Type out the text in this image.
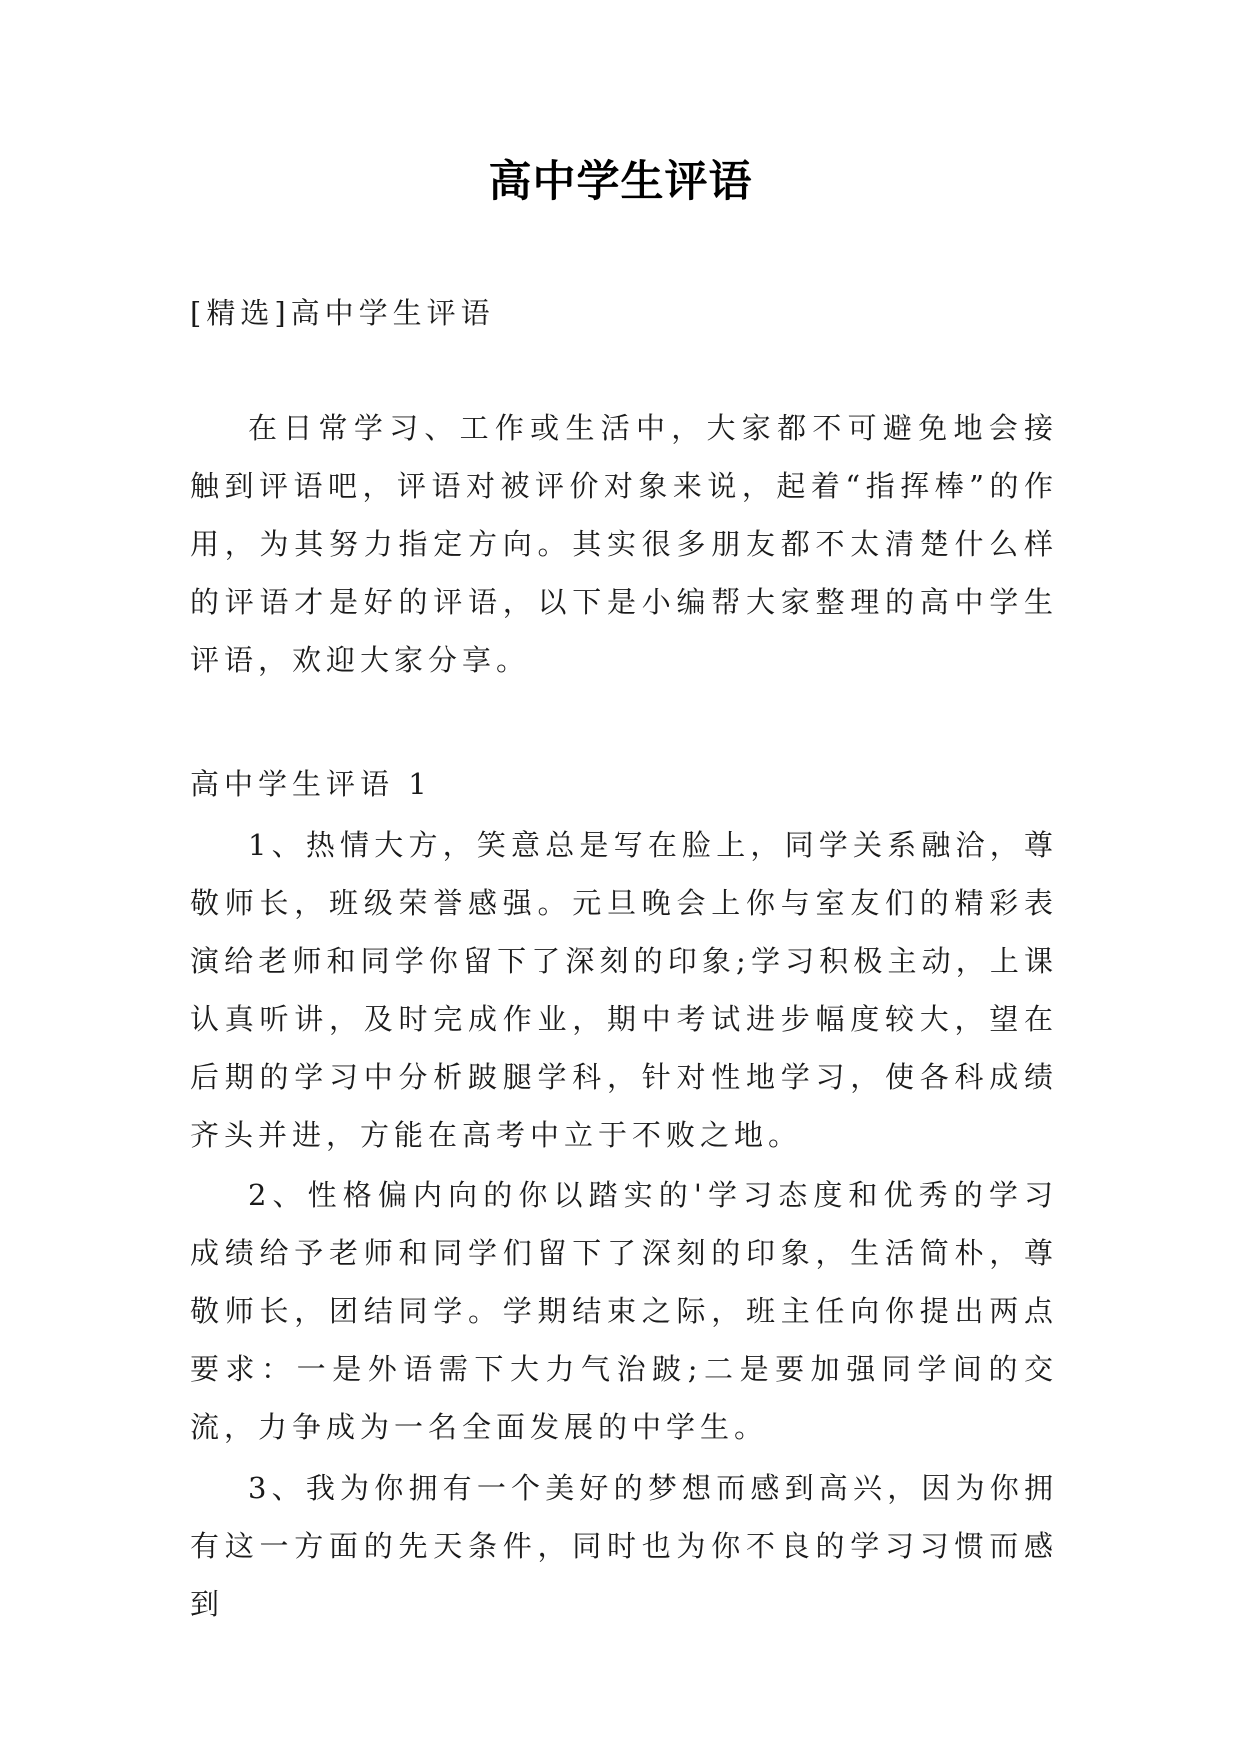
高中学生评语

[精选]高中学生评语

在日常学习、工作或生活中，大家都不可避免地会接触到评语吧，评语对被评价对象来说，起着“指挥棒”的作用，为其努力指定方向。其实很多朋友都不太清楚什么样的评语才是好的评语，以下是小编帮大家整理的高中学生评语，欢迎大家分享。

高中学生评语 1

1、热情大方，笑意总是写在脸上，同学关系融洽，尊敬师长，班级荣誉感强。元旦晚会上你与室友们的精彩表演给老师和同学你留下了深刻的印象;学习积极主动，上课认真听讲，及时完成作业，期中考试进步幅度较大，望在后期的学习中分析跛腿学科，针对性地学习，使各科成绩齐头并进，方能在高考中立于不败之地。

2、性格偏内向的你以踏实的'学习态度和优秀的学习成绩给予老师和同学们留下了深刻的印象，生活简朴，尊敬师长，团结同学。学期结束之际，班主任向你提出两点要求：一是外语需下大力气治跛;二是要加强同学间的交流，力争成为一名全面发展的中学生。

3、我为你拥有一个美好的梦想而感到高兴，因为你拥有这一方面的先天条件，同时也为你不良的学习习惯而感到
